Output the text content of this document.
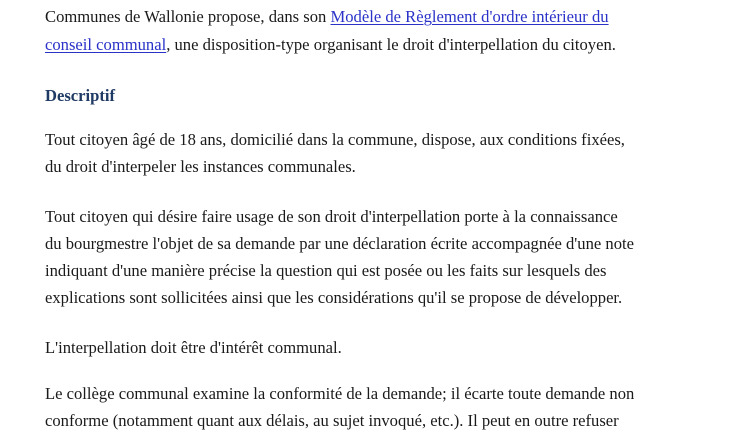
Communes de Wallonie propose, dans son Modèle de Règlement d'ordre intérieur du
conseil communal, une disposition-type organisant le droit d'interpellation du citoyen.
Descriptif
Tout citoyen âgé de 18 ans, domicilié dans la commune, dispose, aux conditions fixées,
du droit d'interpeler les instances communales.
Tout citoyen qui désire faire usage de son droit d'interpellation porte à la connaissance
du bourgmestre l'objet de sa demande par une déclaration écrite accompagnée d'une note
indiquant d'une manière précise la question qui est posée ou les faits sur lesquels des
explications sont sollicitées ainsi que les considérations qu'il se propose de développer.
L'interpellation doit être d'intérêt communal.
Le collège communal examine la conformité de la demande; il écarte toute demande non
conforme (notamment quant aux délais, au sujet invoqué, etc.). Il peut en outre refuser
